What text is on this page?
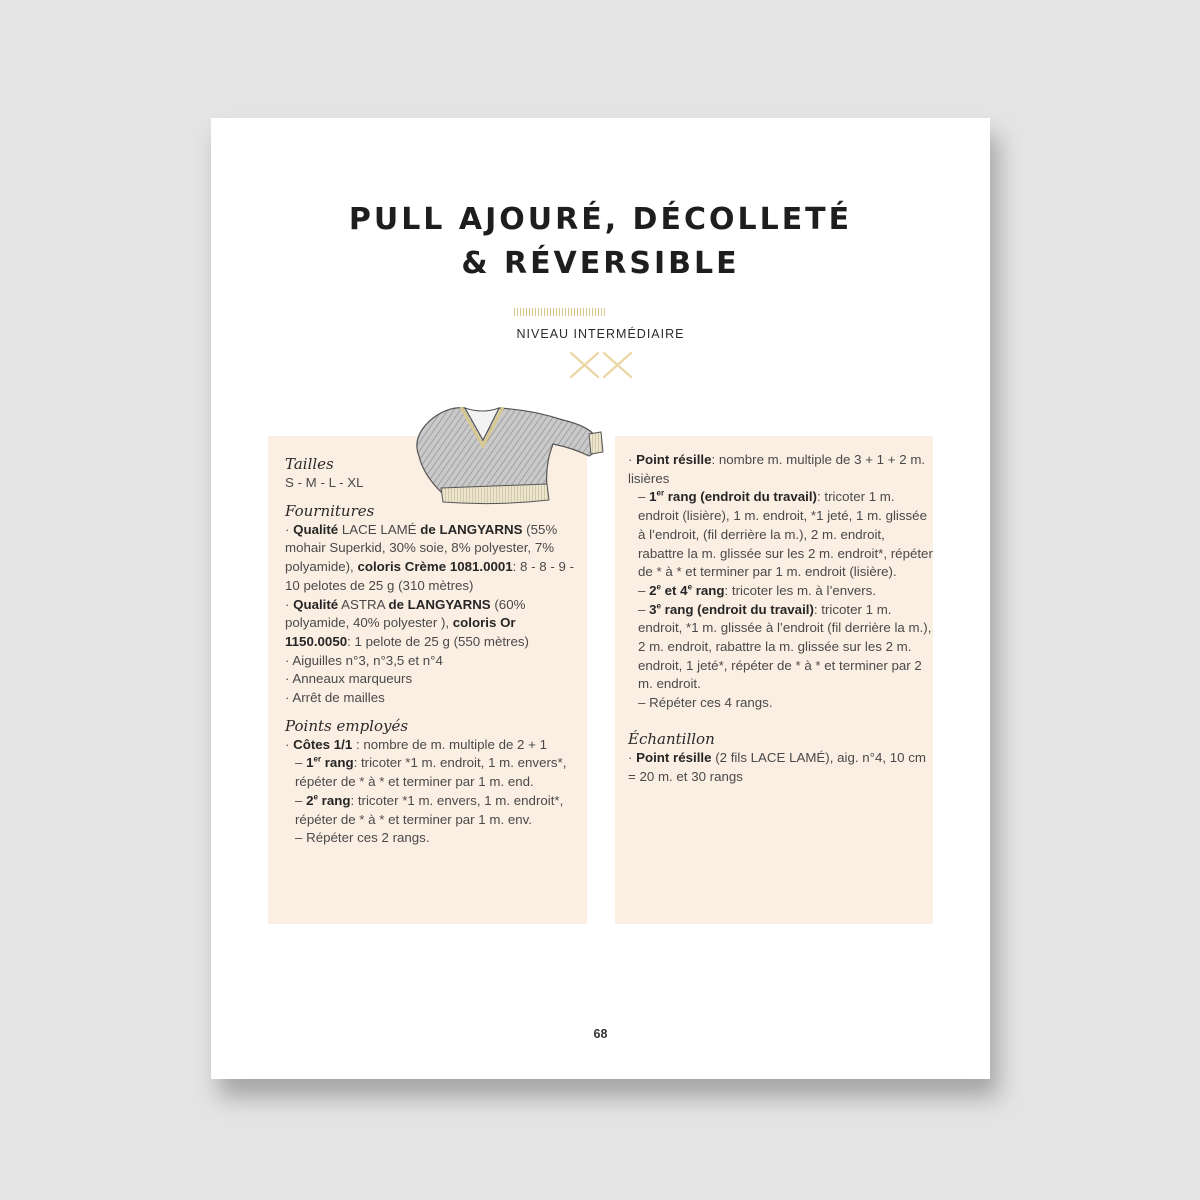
PULL AJOURÉ, DÉCOLLETÉ
& RÉVERSIBLE
NIVEAU INTERMÉDIAIRE
Tailles
S - M - L - XL
Fournitures
· Qualité LACE LAMÉ de LANGYARNS (55% mohair Superkid, 30% soie, 8% polyester, 7% polyamide), coloris Crème 1081.0001: 8 - 8 - 9 - 10 pelotes de 25 g (310 mètres)
· Qualité ASTRA de LANGYARNS (60% polyamide, 40% polyester ), coloris Or 1150.0050: 1 pelote de 25 g (550 mètres)
· Aiguilles n°3, n°3,5 et n°4
· Anneaux marqueurs
· Arrêt de mailles
Points employés
· Côtes 1/1 : nombre de m. multiple de 2 + 1
– 1er rang: tricoter *1 m. endroit, 1 m. envers*, répéter de * à * et terminer par 1 m. end.
– 2e rang: tricoter *1 m. envers, 1 m. endroit*, répéter de * à * et terminer par 1 m. env.
– Répéter ces 2 rangs.
· Point résille: nombre m. multiple de 3 + 1 + 2 m. lisières
– 1er rang (endroit du travail): tricoter 1 m. endroit (lisière), 1 m. endroit, *1 jeté, 1 m. glissée à l’endroit, (fil derrière la m.), 2 m. endroit, rabattre la m. glissée sur les 2 m. endroit*, répéter de * à * et terminer par 1 m. endroit (lisière).
– 2e et 4e rang: tricoter les m. à l’envers.
– 3e rang (endroit du travail): tricoter 1 m. endroit, *1 m. glissée à l’endroit (fil derrière la m.), 2 m. endroit, rabattre la m. glissée sur les 2 m. endroit, 1 jeté*, répéter de * à * et terminer par 2 m. endroit.
– Répéter ces 4 rangs.
Échantillon
· Point résille (2 fils LACE LAMÉ), aig. n°4, 10 cm = 20 m. et 30 rangs
68
